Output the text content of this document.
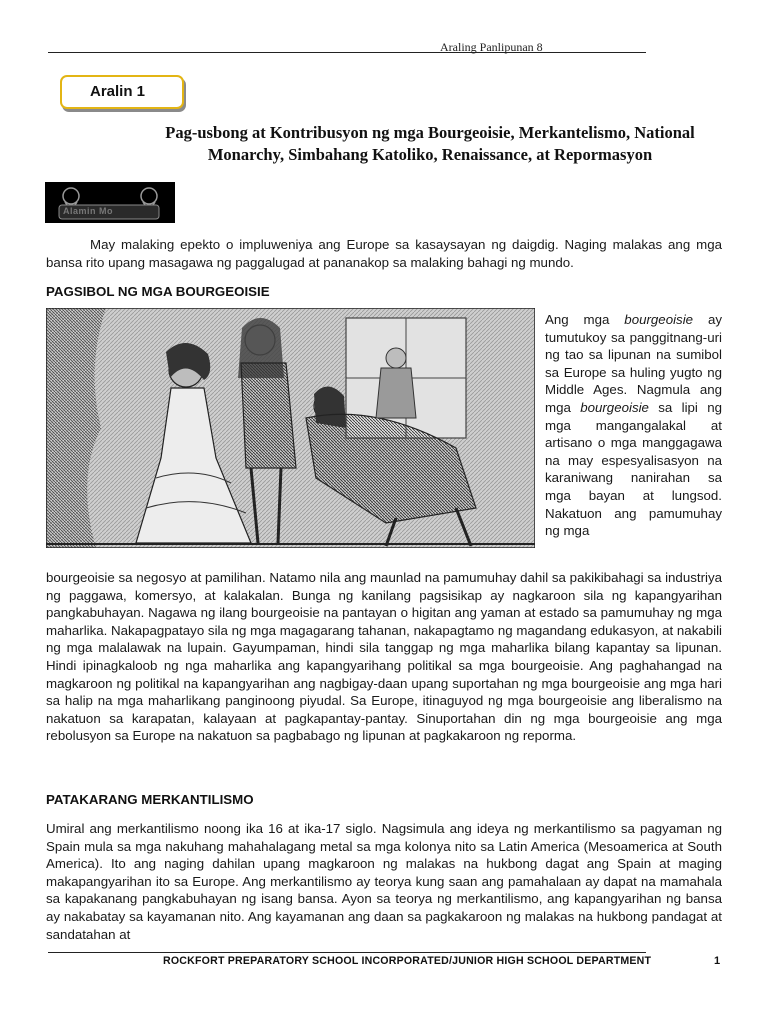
Araling Panlipunan 8
Aralin 1
Pag-usbong at Kontribusyon ng mga Bourgeoisie, Merkantelismo, National Monarchy, Simbahang Katoliko, Renaissance, at Repormasyon
Alamin Mo
May malaking epekto o impluweniya ang Europe sa kasaysayan ng daigdig. Naging malakas ang mga bansa rito upang masagawa ng paggalugad at pananakop sa malaking bahagi ng mundo.
PAGSIBOL NG MGA BOURGEOISIE
Ang mga bourgeoisie ay tumutukoy sa panggitnang-uri ng tao sa lipunan na sumibol sa Europe sa huling yugto ng Middle Ages. Nagmula ang mga bourgeoisie sa lipi ng mga mangangalakal at artisano o mga manggagawa na may espesyalisasyon na karaniwang nanirahan sa mga bayan at lungsod. Nakatuon ang pamumuhay ng mga
bourgeoisie sa negosyo at pamilihan. Natamo nila ang maunlad na pamumuhay dahil sa pakikibahagi sa industriya ng paggawa, komersyo, at kalakalan. Bunga ng kanilang pagsisikap ay nagkaroon sila ng kapangyarihan pangkabuhayan. Nagawa ng ilang bourgeoisie na pantayan o higitan ang yaman at estado sa pamumuhay ng mga maharlika. Nakapagpatayo sila ng mga magagarang tahanan, nakapagtamo ng magandang edukasyon, at nakabili ng mga malalawak na lupain. Gayumpaman, hindi sila tanggap ng mga maharlika bilang kapantay sa lipunan. Hindi ipinagkaloob ng nga maharlika ang kapangyarihang politikal sa mga bourgeoisie. Ang paghahangad na magkaroon ng politikal na kapangyarihan ang nagbigay-daan upang suportahan ng mga bourgeoisie ang mga hari sa halip na mga maharlikang panginoong piyudal. Sa Europe, itinaguyod ng mga bourgeoisie ang liberalismo na nakatuon sa karapatan, kalayaan at pagkapantay-pantay. Sinuportahan din ng mga bourgeoisie ang mga rebolusyon sa Europe na nakatuon sa pagbabago ng lipunan at pagkakaroon ng reporma.
PATAKARANG MERKANTILISMO
Umiral ang merkantilismo noong ika 16 at ika-17 siglo. Nagsimula ang ideya ng merkantilismo sa pagyaman ng Spain mula sa mga nakuhang mahahalagang metal sa mga kolonya nito sa Latin America (Mesoamerica at South America). Ito ang naging dahilan upang magkaroon ng malakas na hukbong dagat ang Spain at maging makapangyarihan ito sa Europe. Ang merkantilismo ay teorya kung saan ang pamahalaan ay dapat na mamahala sa kapakanang pangkabuhayan ng isang bansa. Ayon sa teorya ng merkantilismo, ang kapangyarihan ng bansa ay nakabatay sa kayamanan nito. Ang kayamanan ang daan sa pagkakaroon ng malakas na hukbong pandagat at sandatahan at
ROCKFORT PREPARATORY SCHOOL INCORPORATED/JUNIOR HIGH SCHOOL DEPARTMENT	1
